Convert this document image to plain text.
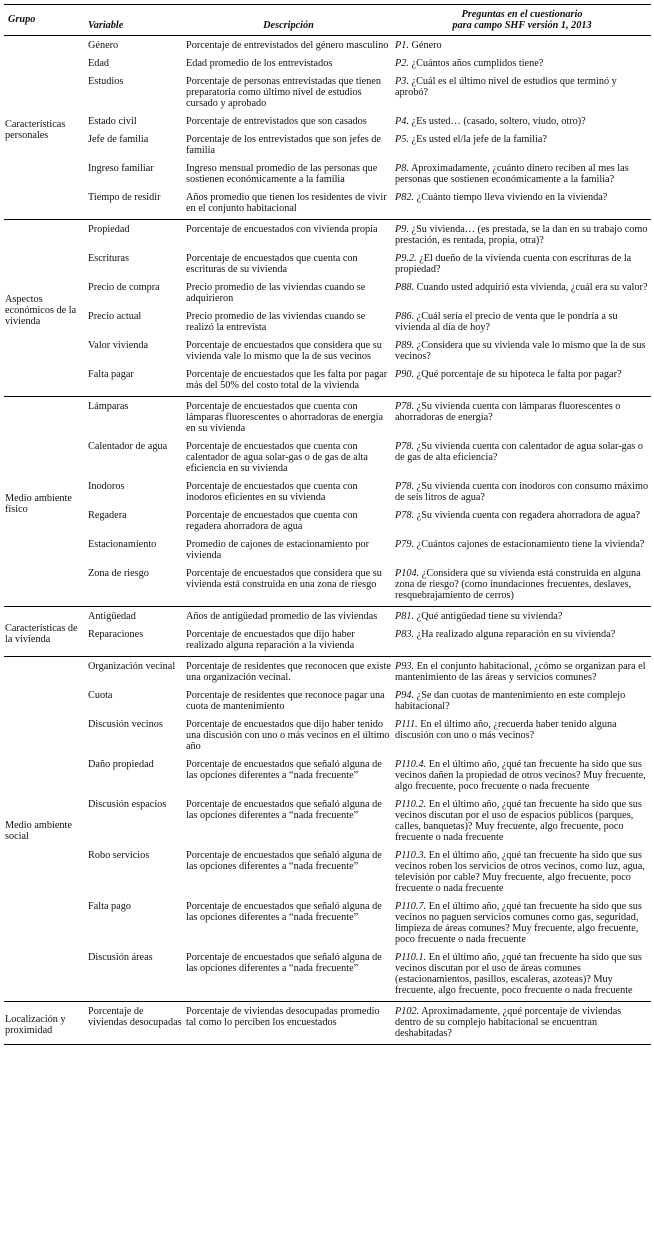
Grupo	Variable	Descripción	Preguntas en el cuestionario
para campo SHF versión 1, 2013
Características personales	Género	Porcentaje de entrevistados del género masculino	P1. Género
	Edad	Edad promedio de los entrevistados	P2. ¿Cuántos años cumplidos tiene?
	Estudios	Porcentaje de personas entrevistadas que tienen preparatoria como último nivel de estudios cursado y aprobado	P3. ¿Cuál es el último nivel de estudios que terminó y aprobó?
	Estado civil	Porcentaje de entrevistados que son casados	P4. ¿Es usted… (casado, soltero, viudo, otro)?
	Jefe de familia	Porcentaje de los entrevistados que son jefes de familia	P5. ¿Es usted el/la jefe de la familia?
	Ingreso familiar	Ingreso mensual promedio de las personas que sostienen económicamente a la familia	P8. Aproximadamente, ¿cuánto dinero reciben al mes las personas que sostienen económicamente a la familia?
	Tiempo de residir	Años promedio que tienen los residentes de vivir en el conjunto habitacional	P82. ¿Cuánto tiempo lleva viviendo en la vivienda?
Aspectos económicos de la vivienda	Propiedad	Porcentaje de encuestados con vivienda propia	P9. ¿Su vivienda… (es prestada, se la dan en su trabajo como prestación, es rentada, propia, otra)?
	Escrituras	Porcentaje de encuestados que cuenta con escrituras de su vivienda	P9.2. ¿El dueño de la vivienda cuenta con escrituras de la propiedad?
	Precio de compra	Precio promedio de las viviendas cuando se adquirieron	P88. Cuando usted adquirió esta vivienda, ¿cuál era su valor?
	Precio actual	Precio promedio de las viviendas cuando se realizó la entrevista	P86. ¿Cuál sería el precio de venta que le pondría a su vivienda al día de hoy?
	Valor vivienda	Porcentaje de encuestados que considera que su vivienda vale lo mismo que la de sus vecinos	P89. ¿Considera que su vivienda vale lo mismo que la de sus vecinos?
	Falta pagar	Porcentaje de encuestados que les falta por pagar más del 50% del costo total de la vivienda	P90. ¿Qué porcentaje de su hipoteca le falta por pagar?
Medio ambiente físico	Lámparas	Porcentaje de encuestados que cuenta con lámparas fluorescentes o ahorradoras de energía en su vivienda	P78. ¿Su vivienda cuenta con lámparas fluorescentes o ahorradoras de energía?
	Calentador de agua	Porcentaje de encuestados que cuenta con calentador de agua solar-gas o de gas de alta eficiencia en su vivienda	P78. ¿Su vivienda cuenta con calentador de agua solar-gas o de gas de alta eficiencia?
	Inodoros	Porcentaje de encuestados que cuenta con inodoros eficientes en su vivienda	P78. ¿Su vivienda cuenta con inodoros con consumo máximo de seis litros de agua?
	Regadera	Porcentaje de encuestados que cuenta con regadera ahorradora de agua	P78. ¿Su vivienda cuenta con regadera ahorradora de agua?
	Estacionamiento	Promedio de cajones de estacionamiento por vivienda	P79. ¿Cuántos cajones de estacionamiento tiene la vivienda?
	Zona de riesgo	Porcentaje de encuestados que considera que su vivienda está construida en una zona de riesgo	P104. ¿Considera que su vivienda está construida en alguna zona de riesgo? (como inundaciones frecuentes, deslaves, resquebrajamiento de cerros)
Características de la vivienda	Antigüedad	Años de antigüedad promedio de las viviendas	P81. ¿Qué antigüedad tiene su vivienda?
	Reparaciones	Porcentaje de encuestados que dijo haber realizado alguna reparación a la vivienda	P83. ¿Ha realizado alguna reparación en su vivienda?
Medio ambiente social	Organización vecinal	Porcentaje de residentes que reconocen que existe una organización vecinal.	P93. En el conjunto habitacional, ¿cómo se organizan para el mantenimiento de las áreas y servicios comunes?
	Cuota	Porcentaje de residentes que reconoce pagar una cuota de mantenimiento	P94. ¿Se dan cuotas de mantenimiento en este complejo habitacional?
	Discusión vecinos	Porcentaje de encuestados que dijo haber tenido una discusión con uno o más vecinos en el último año	P111. En el último año, ¿recuerda haber tenido alguna discusión con uno o más vecinos?
	Daño propiedad	Porcentaje de encuestados que señaló alguna de las opciones diferentes a “nada frecuente”	P110.4. En el último año, ¿qué tan frecuente ha sido que sus vecinos dañen la propiedad de otros vecinos? Muy frecuente, algo frecuente, poco frecuente o nada frecuente
	Discusión espacios	Porcentaje de encuestados que señaló alguna de las opciones diferentes a “nada frecuente”	P110.2. En el último año, ¿qué tan frecuente ha sido que sus vecinos discutan por el uso de espacios públicos (parques, calles, banquetas)? Muy frecuente, algo frecuente, poco frecuente o nada frecuente
	Robo servicios	Porcentaje de encuestados que señaló alguna de las opciones diferentes a “nada frecuente”	P110.3. En el último año, ¿qué tan frecuente ha sido que sus vecinos roben los servicios de otros vecinos, como luz, agua, televisión por cable? Muy frecuente, algo frecuente, poco frecuente o nada frecuente
	Falta pago	Porcentaje de encuestados que señaló alguna de las opciones diferentes a “nada frecuente”	P110.7. En el último año, ¿qué tan frecuente ha sido que sus vecinos no paguen servicios comunes como gas, seguridad, limpieza de áreas comunes? Muy frecuente, algo frecuente, poco frecuente o nada frecuente
	Discusión áreas	Porcentaje de encuestados que señaló alguna de las opciones diferentes a “nada frecuente”	P110.1. En el último año, ¿qué tan frecuente ha sido que sus vecinos discutan por el uso de áreas comunes (estacionamientos, pasillos, escaleras, azoteas)? Muy frecuente, algo frecuente, poco frecuente o nada frecuente
Localización y proximidad	Porcentaje de viviendas desocupadas	Porcentaje de viviendas desocupadas promedio tal como lo perciben los encuestados	P102. Aproximadamente, ¿qué porcentaje de viviendas dentro de su complejo habitacional se encuentran deshabitadas?
